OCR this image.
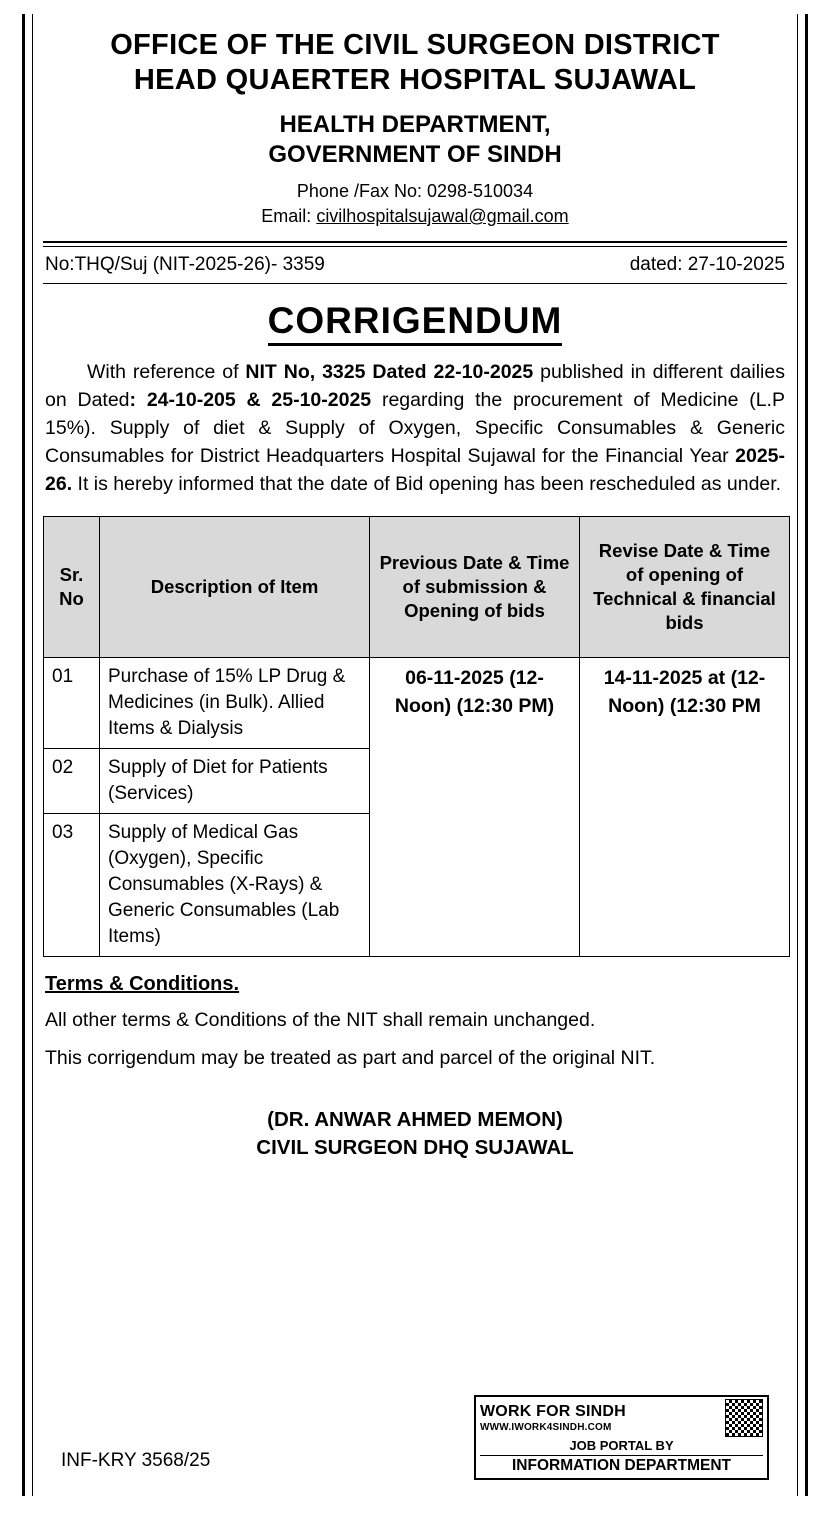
OFFICE OF THE CIVIL SURGEON DISTRICT
HEAD QUAERTER HOSPITAL SUJAWAL
HEALTH DEPARTMENT,
GOVERNMENT OF SINDH
Phone /Fax No: 0298-510034
Email: civilhospitalsujawal@gmail.com
No:THQ/Suj (NIT-2025-26)- 3359	dated: 27-10-2025
CORRIGENDUM
With reference of NIT No, 3325 Dated 22-10-2025 published in different dailies on Dated: 24-10-205 & 25-10-2025 regarding the procurement of Medicine (L.P 15%). Supply of diet & Supply of Oxygen, Specific Consumables & Generic Consumables for District Headquarters Hospital Sujawal for the Financial Year 2025-26. It is hereby informed that the date of Bid opening has been rescheduled as under.
Sr. No	Description of Item	Previous Date & Time of submission & Opening of bids	Revise Date & Time of opening of Technical & financial bids
01	Purchase of 15% LP Drug & Medicines (in Bulk). Allied Items & Dialysis	06-11-2025 (12-Noon) (12:30 PM)	14-11-2025 at (12- Noon) (12:30 PM
02	Supply of Diet for Patients (Services)		
03	Supply of Medical Gas (Oxygen), Specific Consumables (X-Rays) & Generic Consumables (Lab Items)		
Terms & Conditions.
All other terms & Conditions of the NIT shall remain unchanged.
This corrigendum may be treated as part and parcel of the original NIT.
(DR. ANWAR AHMED MEMON)
CIVIL SURGEON DHQ SUJAWAL
INF-KRY 3568/25
WORK FOR SINDH
WWW.IWORK4SINDH.COM
JOB PORTAL BY
INFORMATION DEPARTMENT
